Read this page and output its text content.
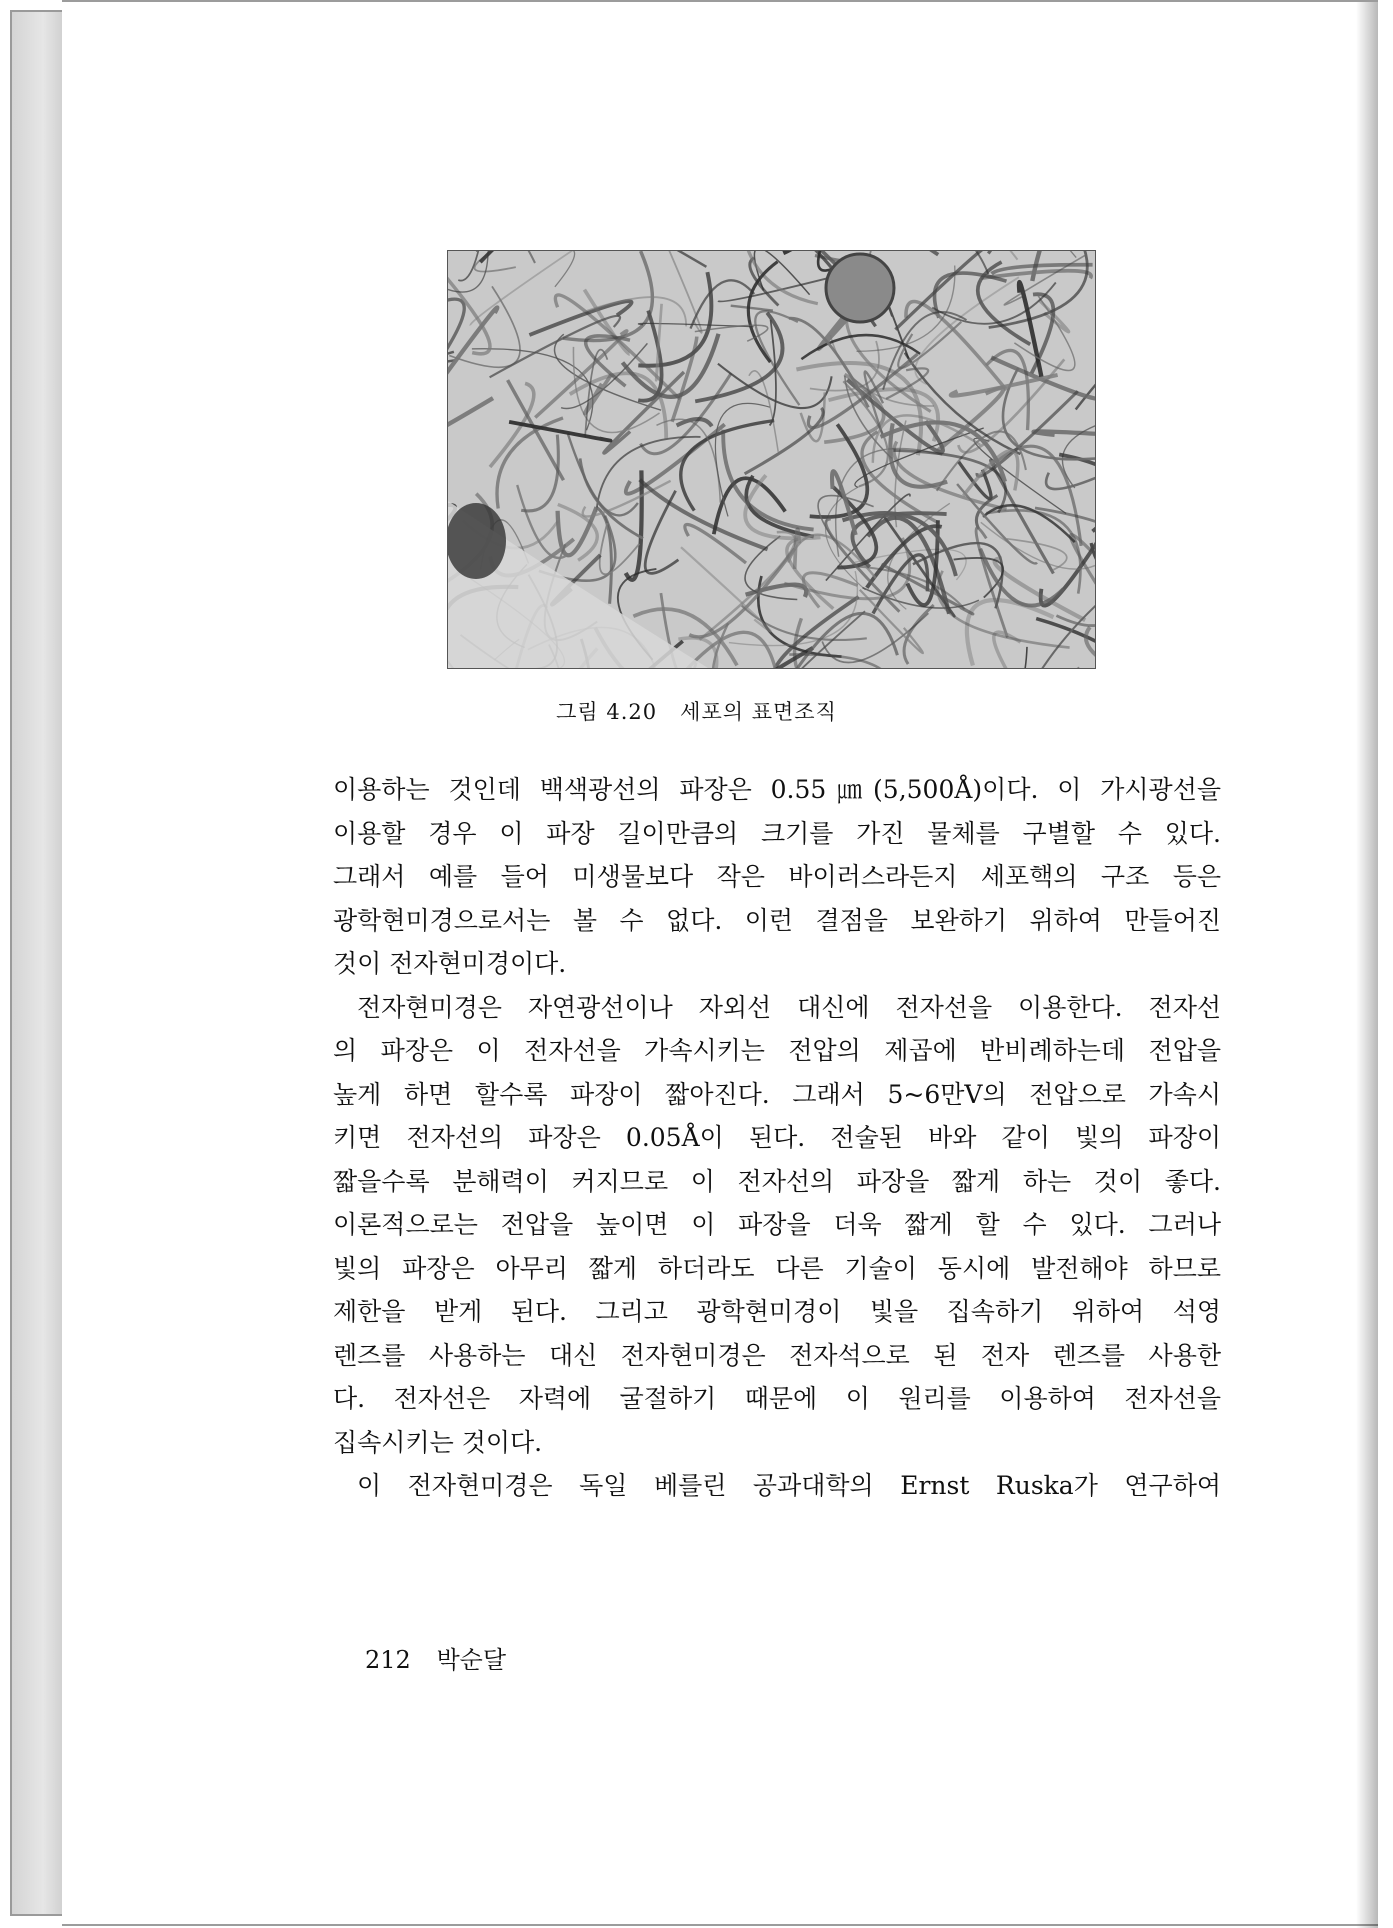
그림 4.20 세포의 표면조직
이용하는 것인데 백색광선의 파장은 0.55㎛(5,500Å)이다. 이 가시광선을
이용할 경우 이 파장 길이만큼의 크기를 가진 물체를 구별할 수 있다.
그래서 예를 들어 미생물보다 작은 바이러스라든지 세포핵의 구조 등은
광학현미경으로서는 볼 수 없다. 이런 결점을 보완하기 위하여 만들어진
것이 전자현미경이다.
전자현미경은 자연광선이나 자외선 대신에 전자선을 이용한다. 전자선
의 파장은 이 전자선을 가속시키는 전압의 제곱에 반비례하는데 전압을
높게 하면 할수록 파장이 짧아진다. 그래서 5~6만V의 전압으로 가속시
키면 전자선의 파장은 0.05Å이 된다. 전술된 바와 같이 빛의 파장이
짧을수록 분해력이 커지므로 이 전자선의 파장을 짧게 하는 것이 좋다.
이론적으로는 전압을 높이면 이 파장을 더욱 짧게 할 수 있다. 그러나
빛의 파장은 아무리 짧게 하더라도 다른 기술이 동시에 발전해야 하므로
제한을 받게 된다. 그리고 광학현미경이 빛을 집속하기 위하여 석영
렌즈를 사용하는 대신 전자현미경은 전자석으로 된 전자 렌즈를 사용한
다. 전자선은 자력에 굴절하기 때문에 이 원리를 이용하여 전자선을
집속시키는 것이다.
이 전자현미경은 독일 베를린 공과대학의 Ernst Ruska가 연구하여
212 박순달
